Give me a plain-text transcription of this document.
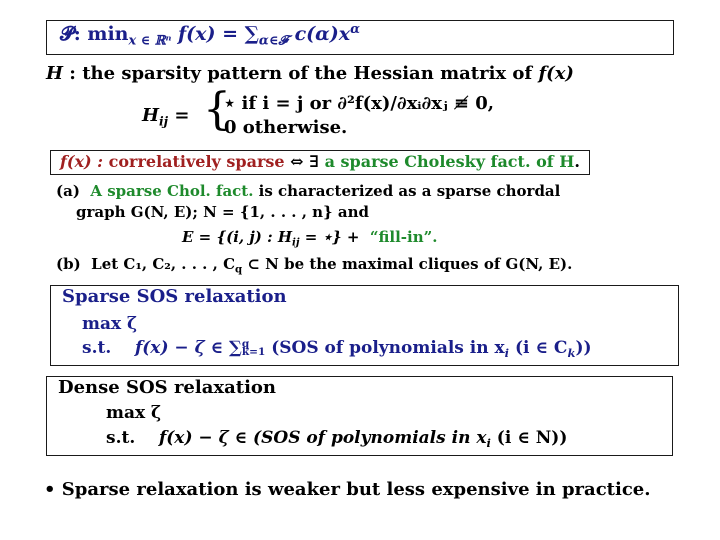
𝓟: $\min_{x \in ℝ^n} f(x) = \sum_{\alpha\in 𝓕}$ $c(\alpha)x^\alpha$
H : the sparsity pattern of the Hessian matrix of f(x)
$H_{ij}$ = {
⋆ if i = j or ∂²f(x)/∂xᵢ∂xⱼ ≢ 0,
0 otherwise.
f(x) : correlatively sparse ⇔ ∃ a sparse Cholesky fact. of H.
(a) A sparse Chol. fact. is characterized as a sparse chordal
graph G(N, E); N = {1, . . . , n} and
E = {(i, j) : $H_{ij}$ = ⋆} +  “fill-in”.
(b) Let C₁, C₂, . . . , $C_q$ ⊂ N be the maximal cliques of G(N, E).
Sparse SOS relaxation
max ζ
s.t. f(x) − ζ ∈ ∑ q
k=1 (SOS of polynomials in $x_i$ (i ∈ $C_k$))
Dense SOS relaxation
max ζ
s.t. f(x) − ζ ∈ (SOS of polynomials in $x_i$ (i ∈ N))
• Sparse relaxation is weaker but less expensive in practice.
